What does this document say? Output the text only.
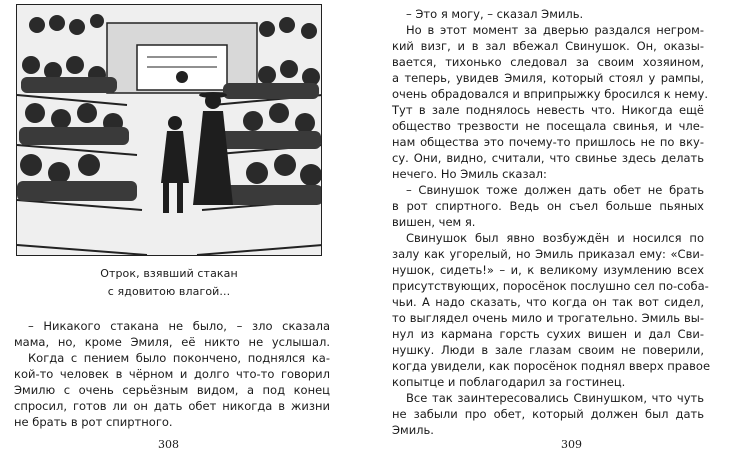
Отрок, взявший стакан
с ядовитою влагой...
– Никакого стакана не было, – зло сказала
мама, но, кроме Эмиля, её никто не услышал.
Когда с пением было покончено, поднялся ка-
кой-то человек в чёрном и долго что-то говорил
Эмилю с очень серьёзным видом, а под конец
спросил, готов ли он дать обет никогда в жизни
не брать в рот спиртного.
308
– Это я могу, – сказал Эмиль.
Но в этот момент за дверью раздался негром-
кий визг, и в зал вбежал Свинушок. Он, оказы-
вается, тихонько следовал за своим хозяином,
а теперь, увидев Эмиля, который стоял у рампы,
очень обрадовался и вприпрыжку бросился к нему.
Тут в зале поднялось невесть что. Никогда ещё
общество трезвости не посещала свинья, и чле-
нам общества это почему-то пришлось не по вку-
су. Они, видно, считали, что свинье здесь делать
нечего. Но Эмиль сказал:
– Свинушок тоже должен дать обет не брать
в рот спиртного. Ведь он съел больше пьяных
вишен, чем я.
Свинушок был явно возбуждён и носился по
залу как угорелый, но Эмиль приказал ему: «Сви-
нушок, сидеть!» – и, к великому изумлению всех
присутствующих, поросёнок послушно сел по-соба-
чьи. А надо сказать, что когда он так вот сидел,
то выглядел очень мило и трогательно. Эмиль вы-
нул из кармана горсть сухих вишен и дал Сви-
нушку. Люди в зале глазам своим не поверили,
когда увидели, как поросёнок поднял вверх правое
копытце и поблагодарил за гостинец.
Все так заинтересовались Свинушком, что чуть
не забыли про обет, который должен был дать
Эмиль.
309
